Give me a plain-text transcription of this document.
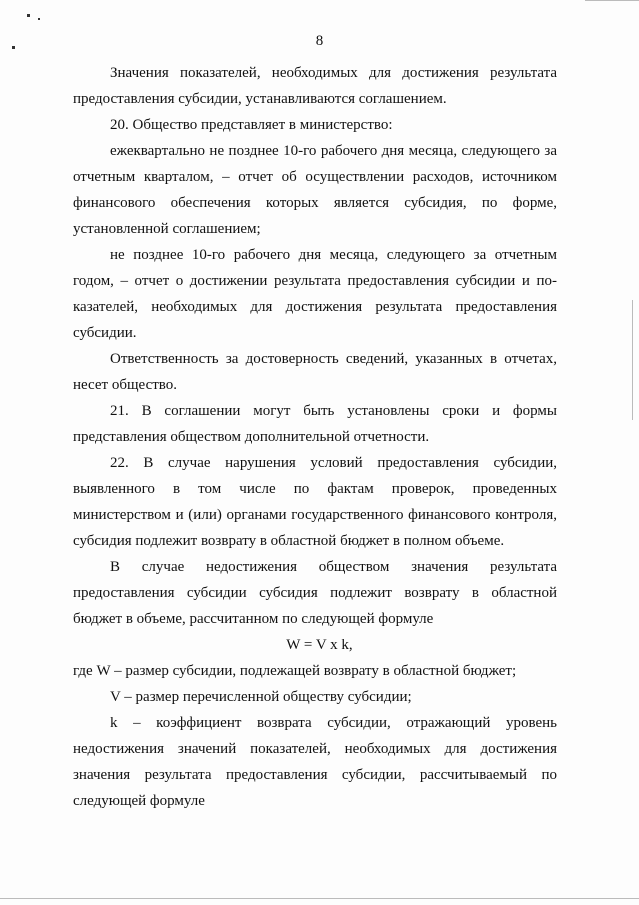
8
Значения показателей, необходимых для достижения результата
предоставления субсидии, устанавливаются соглашением.
20. Общество представляет в министерство:
ежеквартально не позднее 10-го рабочего дня месяца, следующего за
отчетным кварталом, – отчет об осуществлении расходов, источником
финансового обеспечения которых является субсидия, по форме,
установленной соглашением;
не позднее 10-го рабочего дня месяца, следующего за отчетным
годом, – отчет о достижении результата предоставления субсидии и по-
казателей, необходимых для достижения результата предоставления
субсидии.
Ответственность за достоверность сведений, указанных в отчетах,
несет общество.
21. В соглашении могут быть установлены сроки и формы
представления обществом дополнительной отчетности.
22. В случае нарушения условий предоставления субсидии,
выявленного в том числе по фактам проверок, проведенных
министерством и (или) органами государственного финансового контроля,
субсидия подлежит возврату в областной бюджет в полном объеме.
В случае недостижения обществом значения результата
предоставления субсидии субсидия подлежит возврату в областной
бюджет в объеме, рассчитанном по следующей формуле
W = V x k,
где W – размер субсидии, подлежащей возврату в областной бюджет;
V – размер перечисленной обществу субсидии;
k – коэффициент возврата субсидии, отражающий уровень
недостижения значений показателей, необходимых для достижения
значения результата предоставления субсидии, рассчитываемый по
следующей формуле
